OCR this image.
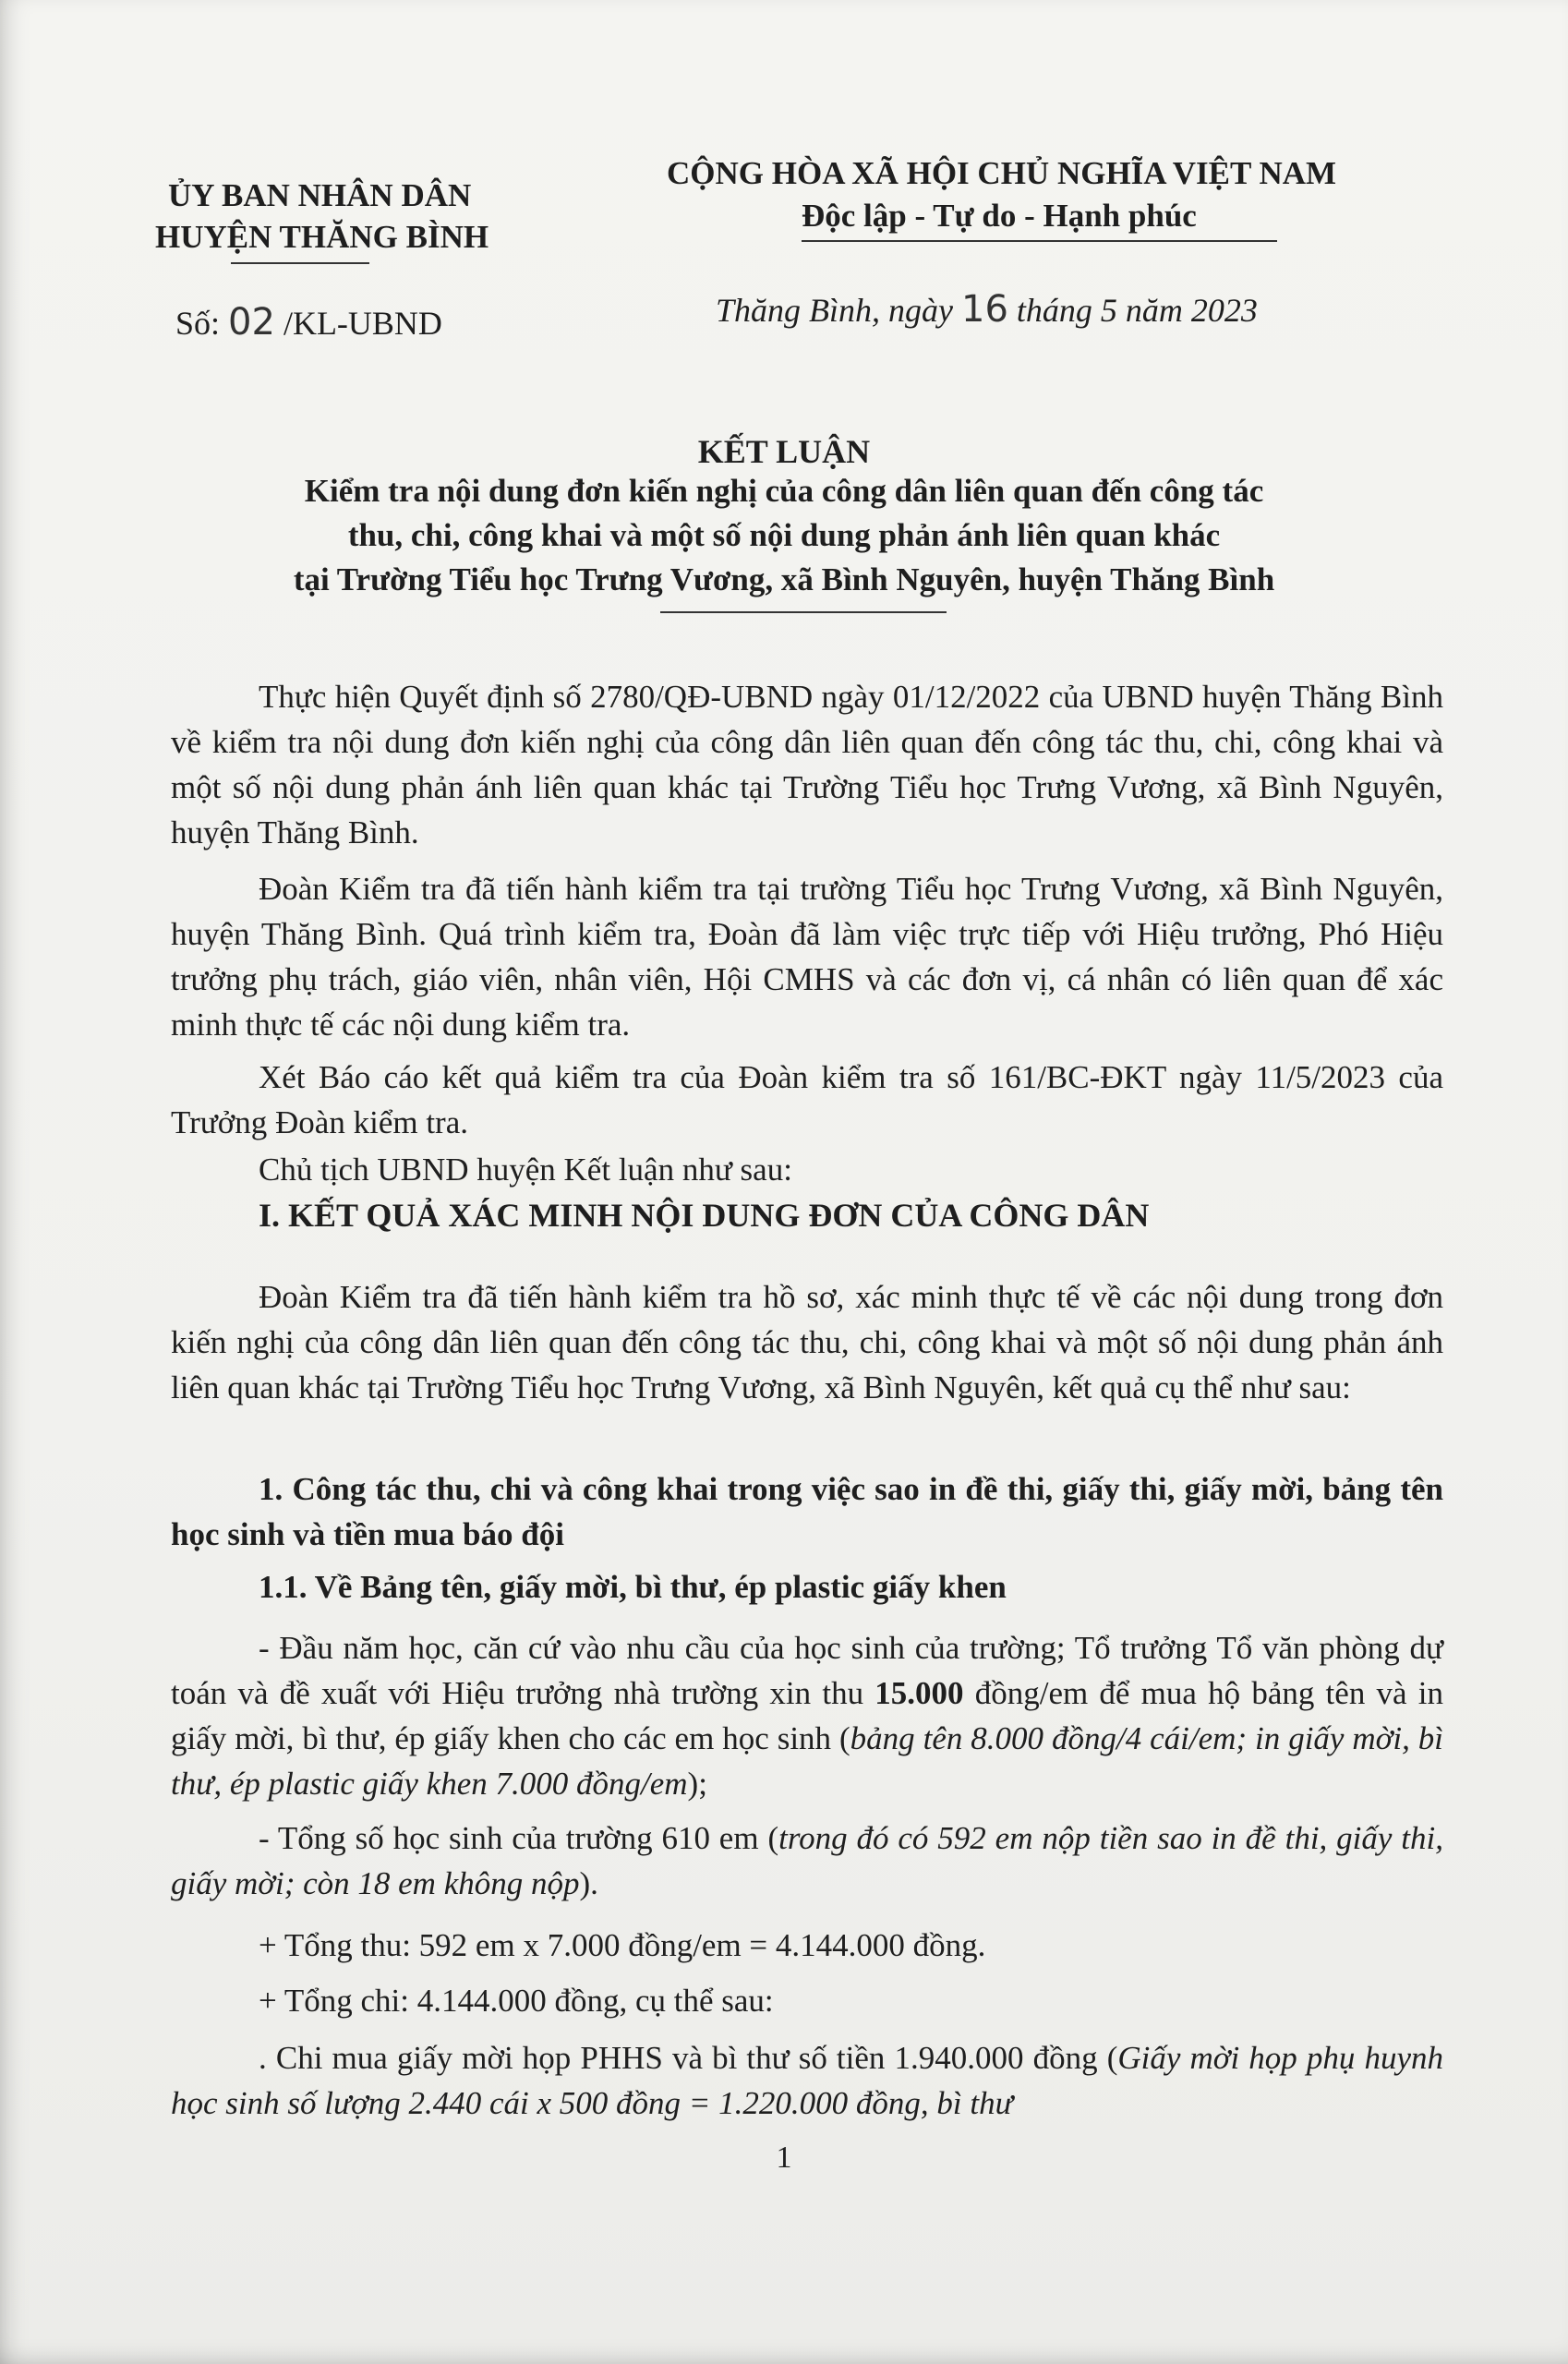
ỦY BAN NHÂN DÂN
HUYỆN THĂNG BÌNH
CỘNG HÒA XÃ HỘI CHỦ NGHĨA VIỆT NAM
Độc lập - Tự do - Hạnh phúc
Số: 02 /KL-UBND	Thăng Bình, ngày 16 tháng 5 năm 2023
KẾT LUẬN
Kiểm tra nội dung đơn kiến nghị của công dân liên quan đến công tác
thu, chi, công khai và một số nội dung phản ánh liên quan khác
tại Trường Tiểu học Trưng Vương, xã Bình Nguyên, huyện Thăng Bình
Thực hiện Quyết định số 2780/QĐ-UBND ngày 01/12/2022 của UBND huyện Thăng Bình về kiểm tra nội dung đơn kiến nghị của công dân liên quan đến công tác thu, chi, công khai và một số nội dung phản ánh liên quan khác tại Trường Tiểu học Trưng Vương, xã Bình Nguyên, huyện Thăng Bình.
Đoàn Kiểm tra đã tiến hành kiểm tra tại trường Tiểu học Trưng Vương, xã Bình Nguyên, huyện Thăng Bình. Quá trình kiểm tra, Đoàn đã làm việc trực tiếp với Hiệu trưởng, Phó Hiệu trưởng phụ trách, giáo viên, nhân viên, Hội CMHS và các đơn vị, cá nhân có liên quan để xác minh thực tế các nội dung kiểm tra.
Xét Báo cáo kết quả kiểm tra của Đoàn kiểm tra số 161/BC-ĐKT ngày 11/5/2023 của Trưởng Đoàn kiểm tra.
Chủ tịch UBND huyện Kết luận như sau:
I. KẾT QUẢ XÁC MINH NỘI DUNG ĐƠN CỦA CÔNG DÂN
Đoàn Kiểm tra đã tiến hành kiểm tra hồ sơ, xác minh thực tế về các nội dung trong đơn kiến nghị của công dân liên quan đến công tác thu, chi, công khai và một số nội dung phản ánh liên quan khác tại Trường Tiểu học Trưng Vương, xã Bình Nguyên, kết quả cụ thể như sau:
1. Công tác thu, chi và công khai trong việc sao in đề thi, giấy thi, giấy mời, bảng tên học sinh và tiền mua báo đội
1.1. Về Bảng tên, giấy mời, bì thư, ép plastic giấy khen
- Đầu năm học, căn cứ vào nhu cầu của học sinh của trường; Tổ trưởng Tổ văn phòng dự toán và đề xuất với Hiệu trưởng nhà trường xin thu 15.000 đồng/em để mua hộ bảng tên và in giấy mời, bì thư, ép giấy khen cho các em học sinh (bảng tên 8.000 đồng/4 cái/em; in giấy mời, bì thư, ép plastic giấy khen 7.000 đồng/em);
- Tổng số học sinh của trường 610 em (trong đó có 592 em nộp tiền sao in đề thi, giấy thi, giấy mời; còn 18 em không nộp).
+ Tổng thu: 592 em x 7.000 đồng/em = 4.144.000 đồng.
+ Tổng chi: 4.144.000 đồng, cụ thể sau:
. Chi mua giấy mời họp PHHS và bì thư số tiền 1.940.000 đồng (Giấy mời họp phụ huynh học sinh số lượng 2.440 cái x 500 đồng = 1.220.000 đồng, bì thư
1
